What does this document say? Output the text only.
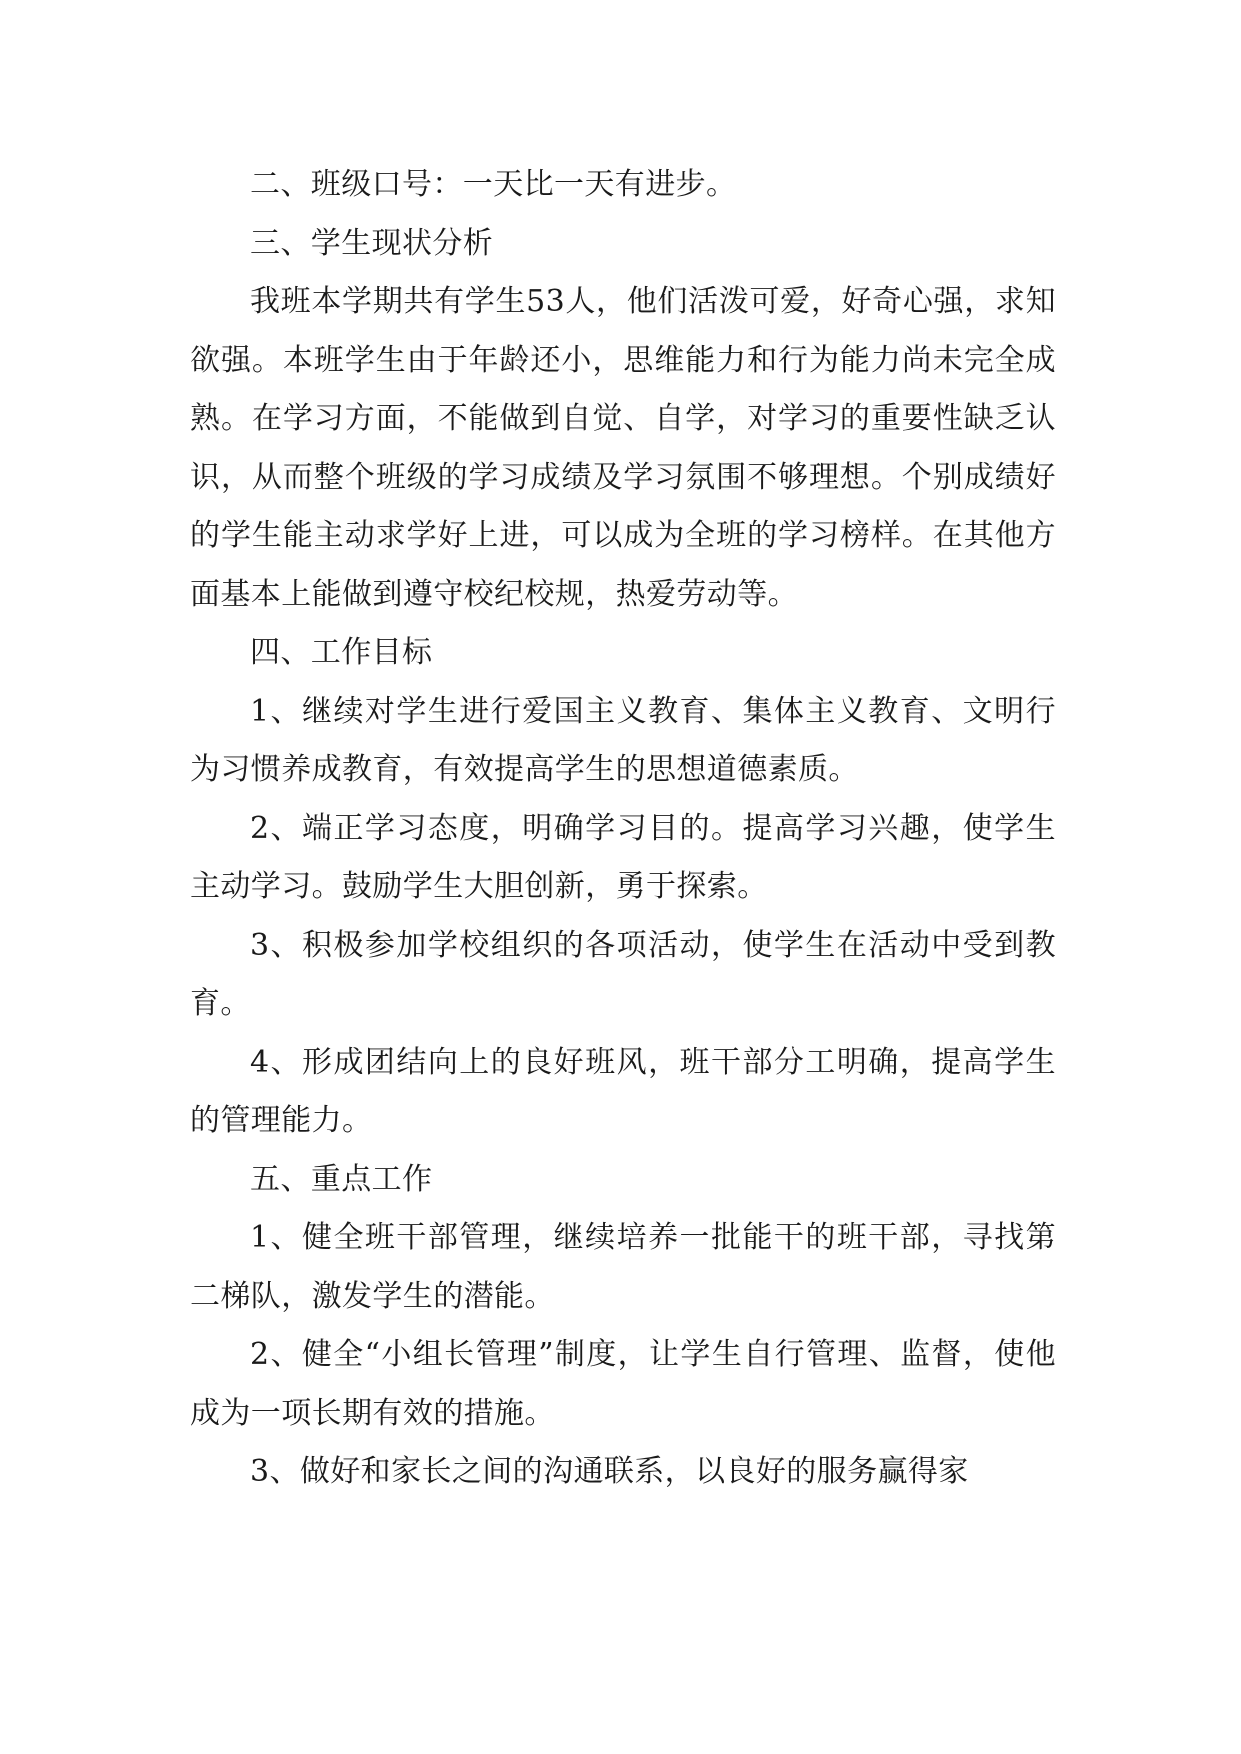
二、班级口号：一天比一天有进步。

三、学生现状分析

我班本学期共有学生53人，他们活泼可爱，好奇心强，求知欲强。本班学生由于年龄还小，思维能力和行为能力尚未完全成熟。在学习方面，不能做到自觉、自学，对学习的重要性缺乏认识，从而整个班级的学习成绩及学习氛围不够理想。个别成绩好的学生能主动求学好上进，可以成为全班的学习榜样。在其他方面基本上能做到遵守校纪校规，热爱劳动等。

四、工作目标

1、继续对学生进行爱国主义教育、集体主义教育、文明行为习惯养成教育，有效提高学生的思想道德素质。

2、端正学习态度，明确学习目的。提高学习兴趣，使学生主动学习。鼓励学生大胆创新，勇于探索。

3、积极参加学校组织的各项活动，使学生在活动中受到教育。

4、形成团结向上的良好班风，班干部分工明确，提高学生的管理能力。

五、重点工作

1、健全班干部管理，继续培养一批能干的班干部，寻找第二梯队，激发学生的潜能。

2、健全“小组长管理”制度，让学生自行管理、监督，使他成为一项长期有效的措施。

3、做好和家长之间的沟通联系，以良好的服务赢得家
